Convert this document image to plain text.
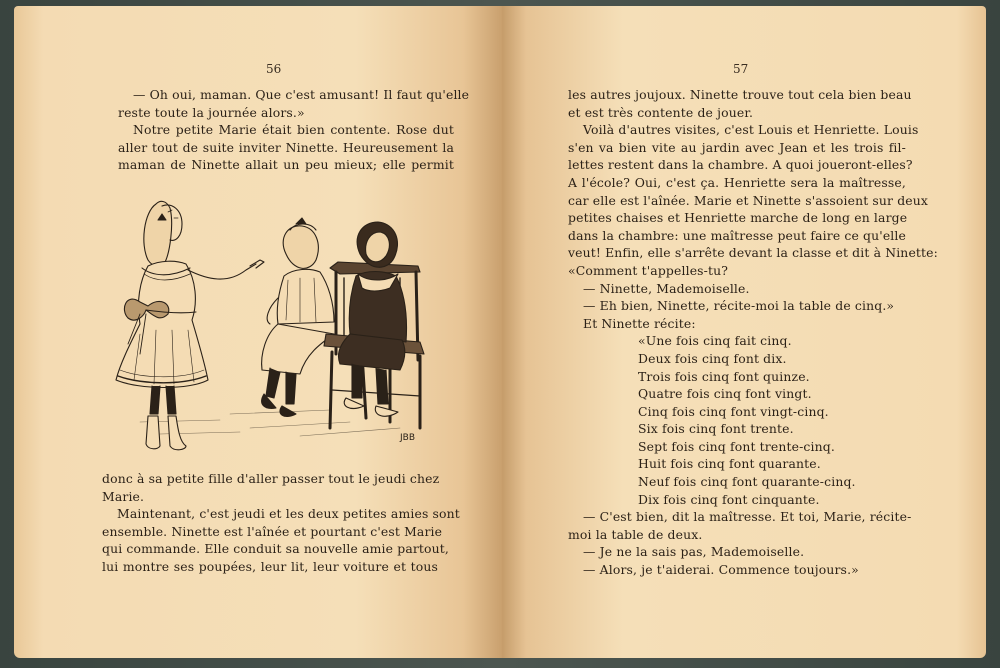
56
— Oh oui, maman. Que c'est amusant! Il faut qu'elle
reste toute la journée alors.»
Notre petite Marie était bien contente. Rose dut
aller tout de suite inviter Ninette. Heureusement la
maman de Ninette allait un peu mieux; elle permit
JBB
donc à sa petite fille d'aller passer tout le jeudi chez
Marie.
Maintenant, c'est jeudi et les deux petites amies sont
ensemble. Ninette est l'aînée et pourtant c'est Marie
qui commande. Elle conduit sa nouvelle amie partout,
lui montre ses poupées, leur lit, leur voiture et tous
57
les autres joujoux. Ninette trouve tout cela bien beau
et est très contente de jouer.
Voilà d'autres visites, c'est Louis et Henriette. Louis
s'en va bien vite au jardin avec Jean et les trois fil-
lettes restent dans la chambre. A quoi joueront-elles?
A l'école? Oui, c'est ça. Henriette sera la maîtresse,
car elle est l'aînée. Marie et Ninette s'assoient sur deux
petites chaises et Henriette marche de long en large
dans la chambre: une maîtresse peut faire ce qu'elle
veut! Enfin, elle s'arrête devant la classe et dit à Ninette:
«Comment t'appelles-tu?
— Ninette, Mademoiselle.
— Eh bien, Ninette, récite-moi la table de cinq.»
Et Ninette récite:
«Une fois cinq fait cinq.
Deux fois cinq font dix.
Trois fois cinq font quinze.
Quatre fois cinq font vingt.
Cinq fois cinq font vingt-cinq.
Six fois cinq font trente.
Sept fois cinq font trente-cinq.
Huit fois cinq font quarante.
Neuf fois cinq font quarante-cinq.
Dix fois cinq font cinquante.
— C'est bien, dit la maîtresse. Et toi, Marie, récite-
moi la table de deux.
— Je ne la sais pas, Mademoiselle.
— Alors, je t'aiderai. Commence toujours.»
